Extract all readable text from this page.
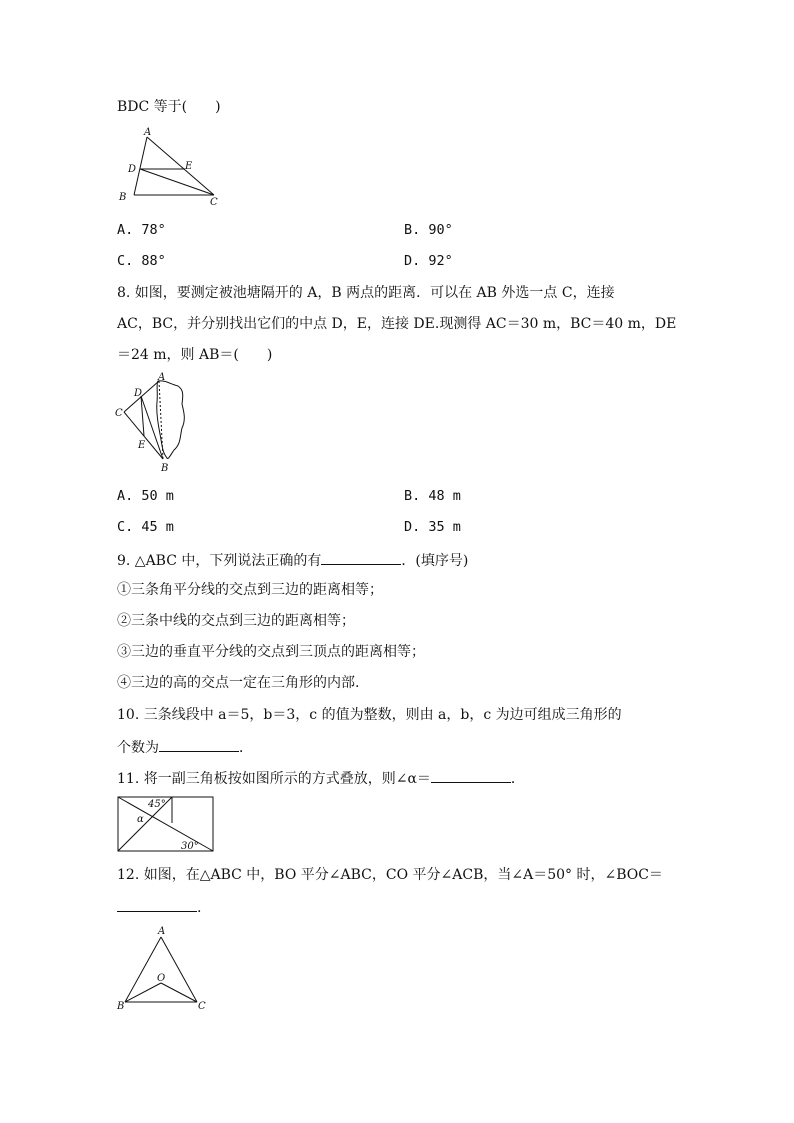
BDC 等于(　　)
A
D	E
B	C
A. 78°	B. 90°
C. 88°	D. 92°
8. 如图，要测定被池塘隔开的 A，B 两点的距离．可以在 AB 外选一点 C，连接
AC，BC，并分别找出它们的中点 D，E，连接 DE.现测得 AC＝30 m，BC＝40 m，DE
＝24 m，则 AB＝(　　)
A
D
C
E
B
A. 50 m	B. 48 m
C. 45 m	D. 35 m
9. △ABC 中，下列说法正确的有	．(填序号)
①三条角平分线的交点到三边的距离相等；
②三条中线的交点到三边的距离相等；
③三边的垂直平分线的交点到三顶点的距离相等；
④三边的高的交点一定在三角形的内部.
10. 三条线段中 a＝5，b＝3，c 的值为整数，则由 a，b，c 为边可组成三角形的
个数为	．
11. 将一副三角板按如图所示的方式叠放，则∠α＝	．
45°
α
30°
12. 如图，在△ABC 中，BO 平分∠ABC，CO 平分∠ACB，当∠A＝50° 时，∠BOC＝
.
A
O
B	C
